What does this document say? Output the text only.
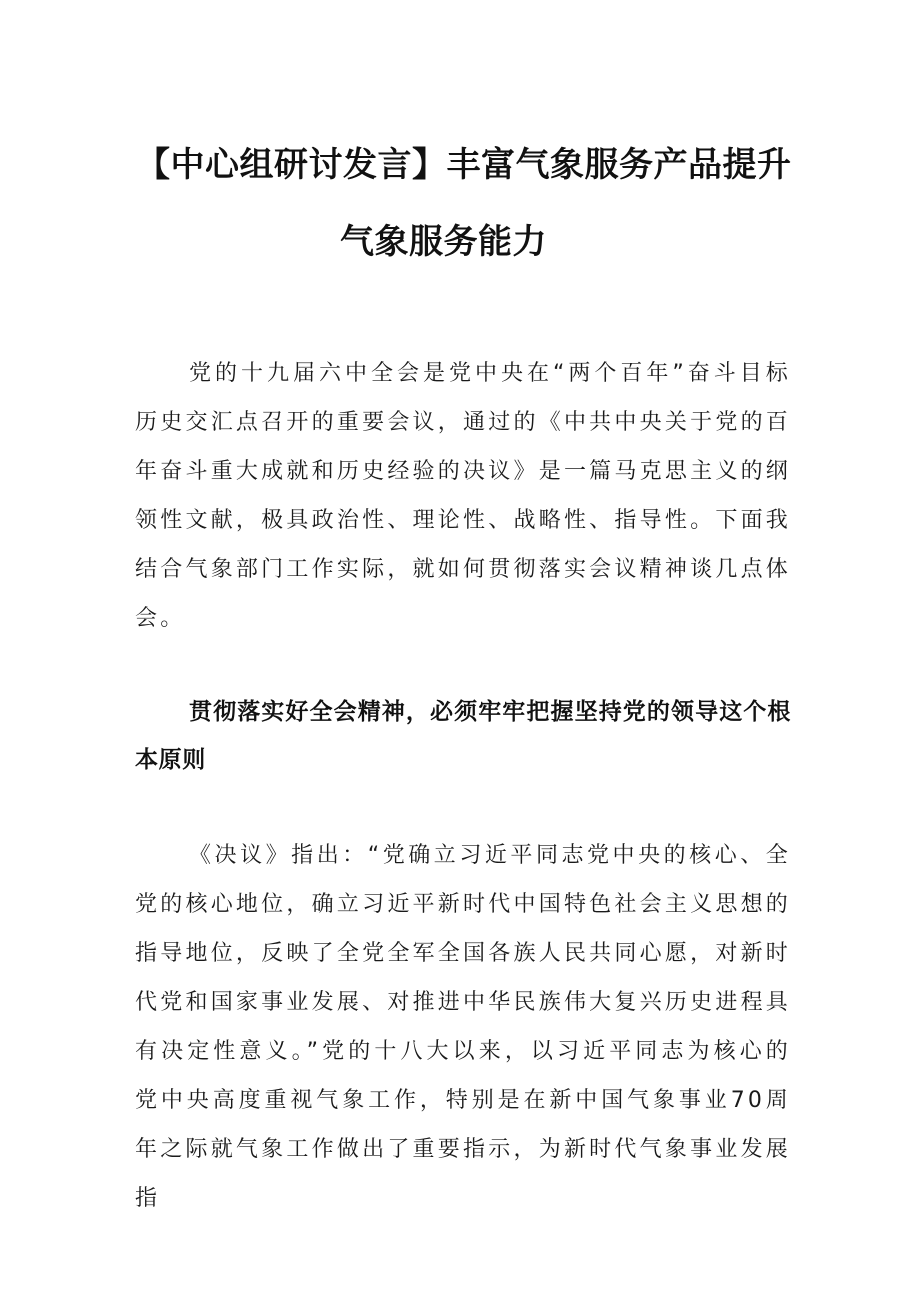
【中心组研讨发言】丰富气象服务产品提升
气象服务能力

党的十九届六中全会是党中央在“两个百年”奋斗目标历史交汇点召开的重要会议，通过的《中共中央关于党的百年奋斗重大成就和历史经验的决议》是一篇马克思主义的纲领性文献，极具政治性、理论性、战略性、指导性。下面我结合气象部门工作实际，就如何贯彻落实会议精神谈几点体会。

贯彻落实好全会精神，必须牢牢把握坚持党的领导这个根本原则

《决议》指出：“党确立习近平同志党中央的核心、全党的核心地位，确立习近平新时代中国特色社会主义思想的指导地位，反映了全党全军全国各族人民共同心愿，对新时代党和国家事业发展、对推进中华民族伟大复兴历史进程具有决定性意义。”党的十八大以来，以习近平同志为核心的党中央高度重视气象工作，特别是在新中国气象事业70周年之际就气象工作做出了重要指示，为新时代气象事业发展指
